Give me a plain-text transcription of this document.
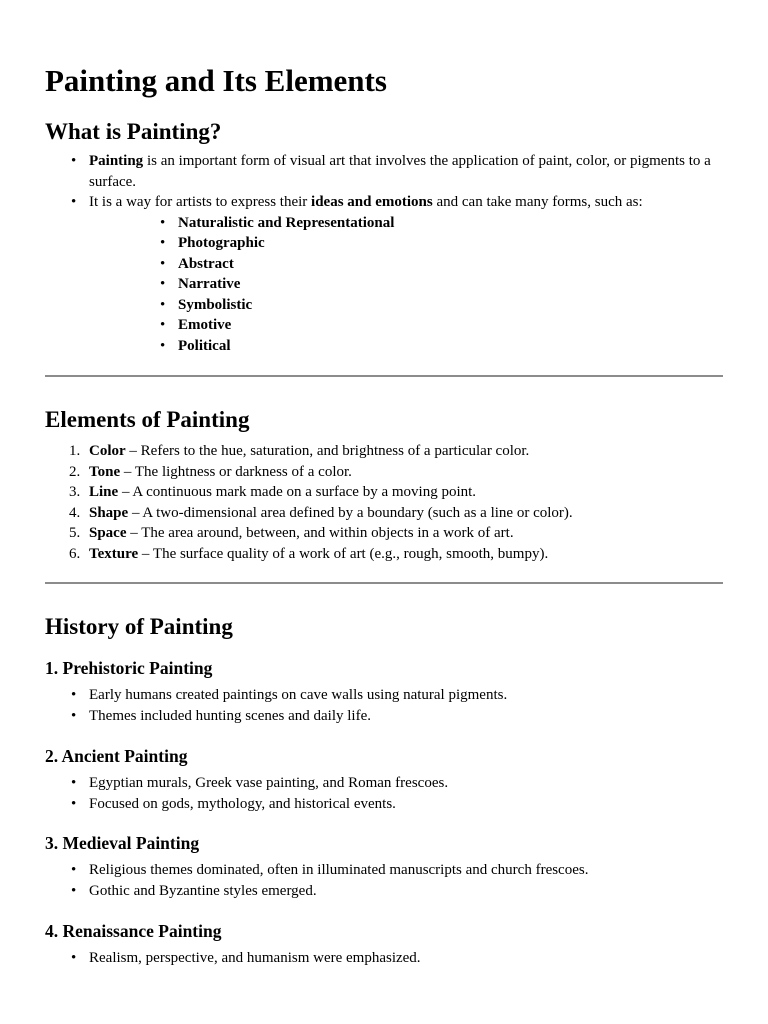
Painting and Its Elements
What is Painting?
• Painting is an important form of visual art that involves the application of paint, color, or pigments to a surface.
• It is a way for artists to express their ideas and emotions and can take many forms, such as:
• Naturalistic and Representational
• Photographic
• Abstract
• Narrative
• Symbolistic
• Emotive
• Political
Elements of Painting
1. Color – Refers to the hue, saturation, and brightness of a particular color.
2. Tone – The lightness or darkness of a color.
3. Line – A continuous mark made on a surface by a moving point.
4. Shape – A two-dimensional area defined by a boundary (such as a line or color).
5. Space – The area around, between, and within objects in a work of art.
6. Texture – The surface quality of a work of art (e.g., rough, smooth, bumpy).
History of Painting
1. Prehistoric Painting
• Early humans created paintings on cave walls using natural pigments.
• Themes included hunting scenes and daily life.
2. Ancient Painting
• Egyptian murals, Greek vase painting, and Roman frescoes.
• Focused on gods, mythology, and historical events.
3. Medieval Painting
• Religious themes dominated, often in illuminated manuscripts and church frescoes.
• Gothic and Byzantine styles emerged.
4. Renaissance Painting
• Realism, perspective, and humanism were emphasized.
